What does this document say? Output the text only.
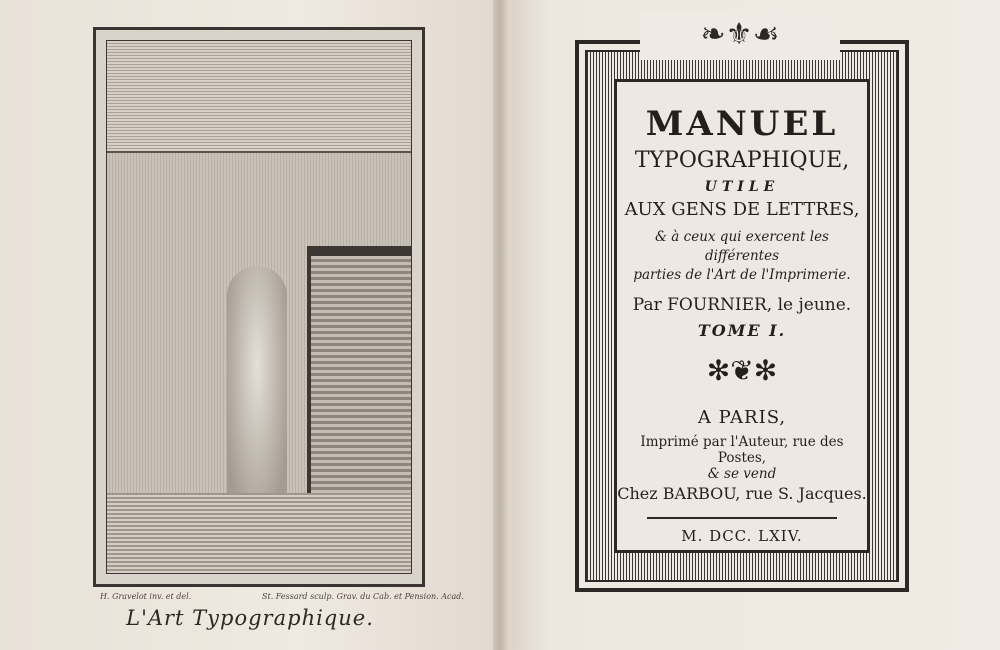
H. Gravelot inv. et del.	St. Fessard sculp. Grav. du Cab. et Pension. Acad.
L'Art Typographique.
MANUEL
TYPOGRAPHIQUE,
UTILE
AUX GENS DE LETTRES,
& à ceux qui exercent les différentes
parties de l'Art de l'Imprimerie.
Par FOURNIER, le jeune.
TOME I.
✻❦✻
A PARIS,
Imprimé par l'Auteur, rue des Postes,
& se vend
Chez BARBOU, rue S. Jacques.
M. DCC. LXIV.
❧⚜☙
